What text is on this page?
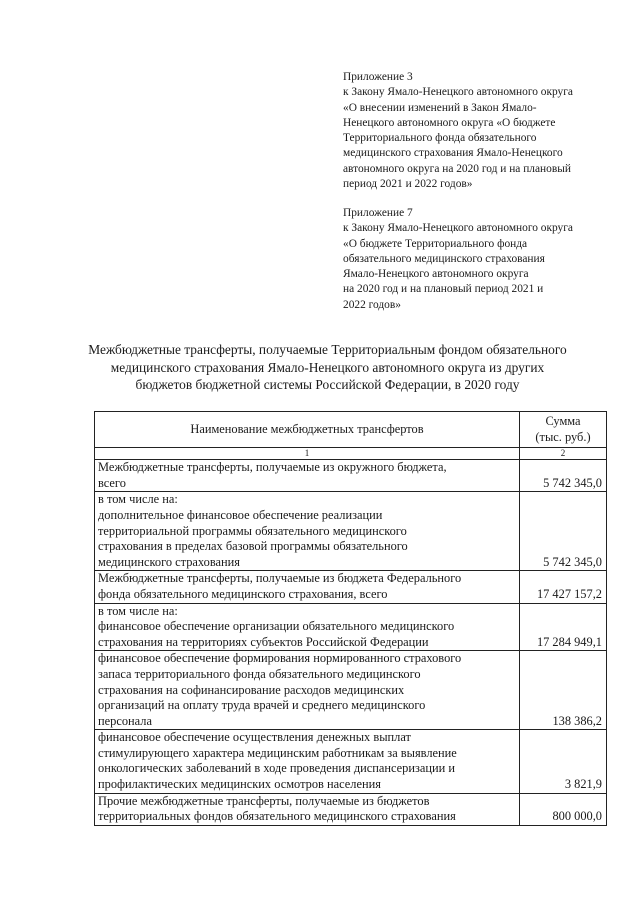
Приложение 3

к Закону Ямало-Ненецкого автономного округа

«О внесении изменений в Закон Ямало-

Ненецкого автономного округа «О бюджете

Территориального фонда обязательного

медицинского страхования Ямало-Ненецкого

автономного округа на 2020 год и на плановый

период 2021 и 2022 годов»

Приложение 7

к Закону Ямало-Ненецкого автономного округа

«О бюджете Территориального фонда

обязательного медицинского страхования

Ямало-Ненецкого автономного округа

на 2020 год и на плановый период 2021 и

2022 годов»

Межбюджетные трансферты, получаемые Территориальным фондом обязательного

медицинского страхования Ямало-Ненецкого автономного округа из других

бюджетов бюджетной системы Российской Федерации, в 2020 году

Наименование межбюджетных трансфертов	Сумма
(тыс. руб.)

1	2

Межбюджетные трансферты, получаемые из окружного бюджета,
всего	5 742 345,0

в том числе на:
дополнительное финансовое обеспечение реализации
территориальной программы обязательного медицинского
страхования в пределах базовой программы обязательного
медицинского страхования	5 742 345,0

Межбюджетные трансферты, получаемые из бюджета Федерального
фонда обязательного медицинского страхования, всего	17 427 157,2

в том числе на:
финансовое обеспечение организации обязательного медицинского
страхования на территориях субъектов Российской Федерации	17 284 949,1

финансовое обеспечение формирования нормированного страхового
запаса территориального фонда обязательного медицинского
страхования на софинансирование расходов медицинских
организаций на оплату труда врачей и среднего медицинского
персонала	138 386,2

финансовое обеспечение осуществления денежных выплат
стимулирующего характера медицинским работникам за выявление
онкологических заболеваний в ходе проведения диспансеризации и
профилактических медицинских осмотров населения	3 821,9

Прочие межбюджетные трансферты, получаемые из бюджетов
территориальных фондов обязательного медицинского страхования	800 000,0
